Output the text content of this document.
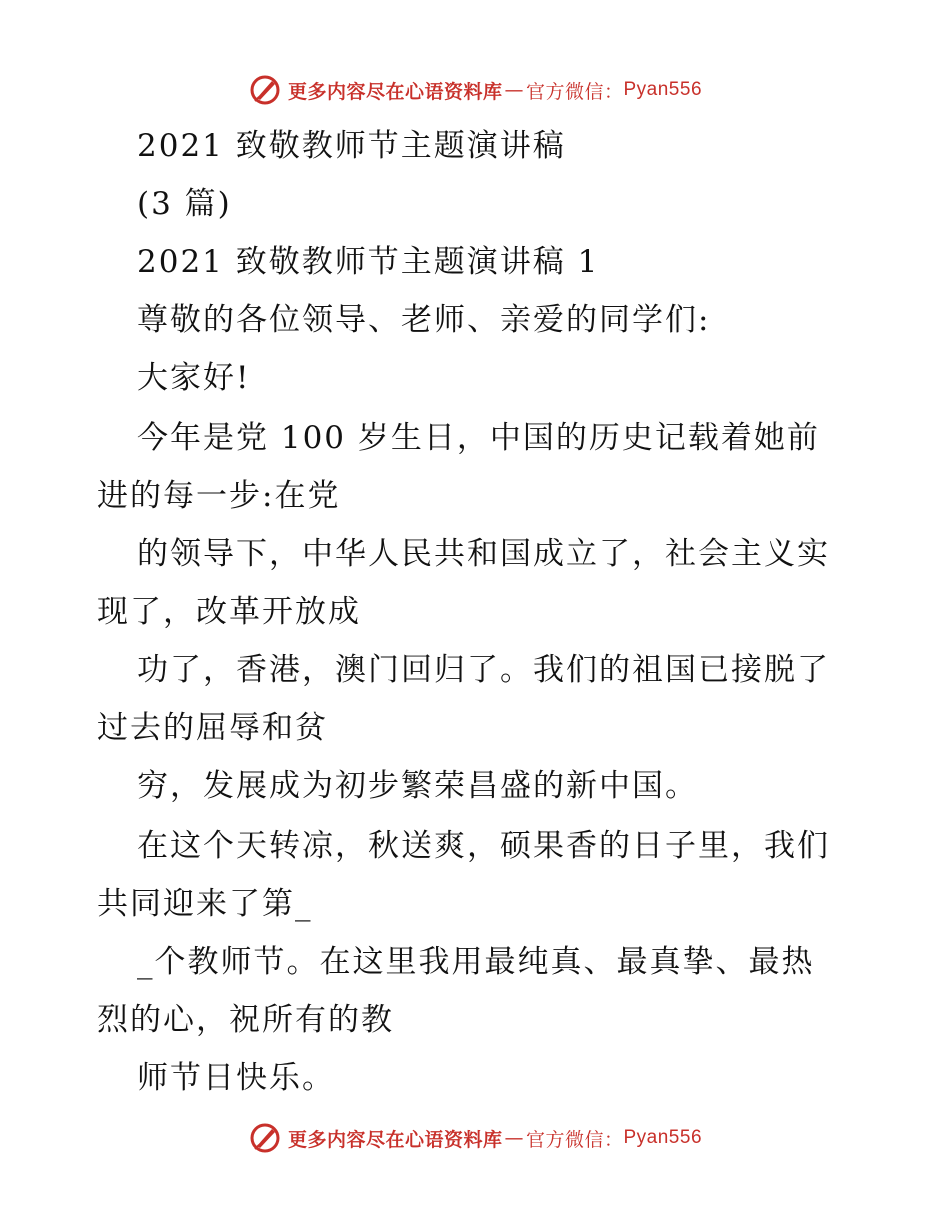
更多内容尽在心语资料库 — 官方微信： Pyan556
2021 致敬教师节主题演讲稿
(3 篇)
2021 致敬教师节主题演讲稿 1
尊敬的各位领导、老师、亲爱的同学们:
大家好!
今年是党 100 岁生日，中国的历史记载着她前
进的每一步:在党
的领导下，中华人民共和国成立了，社会主义实
现了，改革开放成
功了，香港，澳门回归了。我们的祖国已接脱了
过去的屈辱和贫
穷，发展成为初步繁荣昌盛的新中国。
在这个天转凉，秋送爽，硕果香的日子里，我们
共同迎来了第_
_个教师节。在这里我用最纯真、最真挚、最热
烈的心，祝所有的教
师节日快乐。
更多内容尽在心语资料库 — 官方微信： Pyan556
